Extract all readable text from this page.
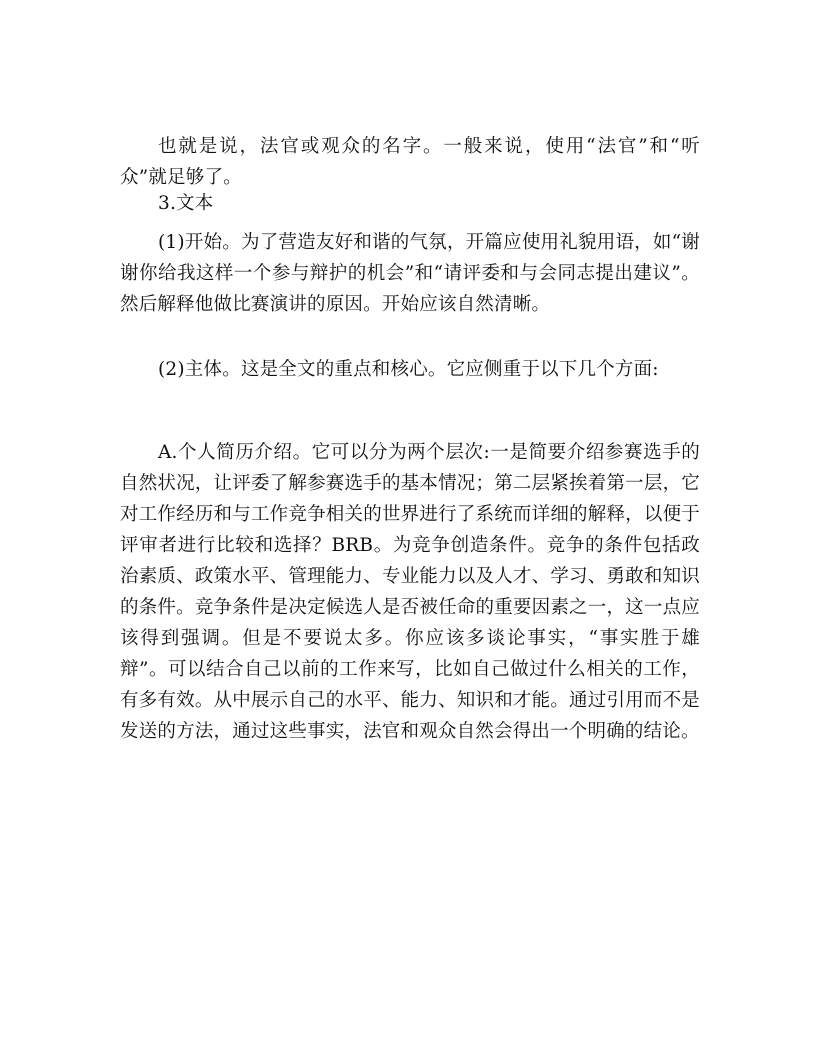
也就是说，法官或观众的名字。一般来说，使用“法官”和“听众”就足够了。

3.文本

(1)开始。为了营造友好和谐的气氛，开篇应使用礼貌用语，如“谢谢你给我这样一个参与辩护的机会”和“请评委和与会同志提出建议”。然后解释他做比赛演讲的原因。开始应该自然清晰。

(2)主体。这是全文的重点和核心。它应侧重于以下几个方面:

A.个人简历介绍。它可以分为两个层次:一是简要介绍参赛选手的自然状况，让评委了解参赛选手的基本情况；第二层紧挨着第一层，它对工作经历和与工作竞争相关的世界进行了系统而详细的解释，以便于评审者进行比较和选择？BRB。为竞争创造条件。竞争的条件包括政治素质、政策水平、管理能力、专业能力以及人才、学习、勇敢和知识的条件。竞争条件是决定候选人是否被任命的重要因素之一，这一点应该得到强调。但是不要说太多。你应该多谈论事实，“事实胜于雄辩”。可以结合自己以前的工作来写，比如自己做过什么相关的工作，有多有效。从中展示自己的水平、能力、知识和才能。通过引用而不是发送的方法，通过这些事实，法官和观众自然会得出一个明确的结论。
